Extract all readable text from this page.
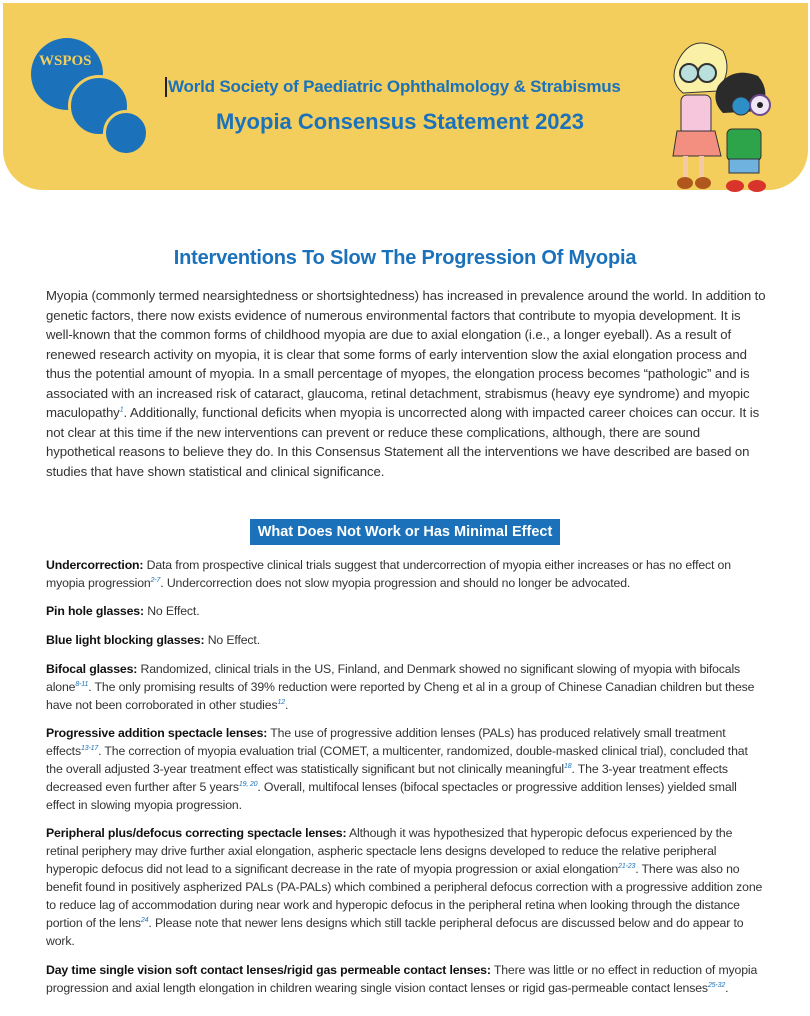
WSPOS
World Society of Paediatric Ophthalmology & Strabismus
Myopia Consensus Statement 2023
Interventions To Slow The Progression Of Myopia

Myopia (commonly termed nearsightedness or shortsightedness) has increased in prevalence around the world. In addition to genetic factors, there now exists evidence of numerous environmental factors that contribute to myopia development. It is well-known that the common forms of childhood myopia are due to axial elongation (i.e., a longer eyeball). As a result of renewed research activity on myopia, it is clear that some forms of early intervention slow the axial elongation process and thus the potential amount of myopia. In a small percentage of myopes, the elongation process becomes “pathologic” and is associated with an increased risk of cataract, glaucoma, retinal detachment, strabismus (heavy eye syndrome) and myopic maculopathy$^1$. Additionally, functional deficits when myopia is uncorrected along with impacted career choices can occur. It is not clear at this time if the new interventions can prevent or reduce these complications, although, there are sound hypothetical reasons to believe they do. In this Consensus Statement all the interventions we have described are based on studies that have shown statistical and clinical significance.

What Does Not Work or Has Minimal Effect

Undercorrection: Data from prospective clinical trials suggest that undercorrection of myopia either increases or has no effect on myopia progression$^{2-7}$. Undercorrection does not slow myopia progression and should no longer be advocated.

Pin hole glasses: No Effect.

Blue light blocking glasses: No Effect.

Bifocal glasses: Randomized, clinical trials in the US, Finland, and Denmark showed no significant slowing of myopia with bifocals alone$^{8-11}$. The only promising results of 39% reduction were reported by Cheng et al in a group of Chinese Canadian children but these have not been corroborated in other studies$^{12}$.

Progressive addition spectacle lenses: The use of progressive addition lenses (PALs) has produced relatively small treatment effects$^{13-17}$. The correction of myopia evaluation trial (COMET, a multicenter, randomized, double-masked clinical trial), concluded that the overall adjusted 3-year treatment effect was statistically significant but not clinically meaningful$^{18}$. The 3-year treatment effects decreased even further after 5 years$^{19, 20}$. Overall, multifocal lenses (bifocal spectacles or progressive addition lenses) yielded small effect in slowing myopia progression.

Peripheral plus/defocus correcting spectacle lenses: Although it was hypothesized that hyperopic defocus experienced by the retinal periphery may drive further axial elongation, aspheric spectacle lens designs developed to reduce the relative peripheral hyperopic defocus did not lead to a significant decrease in the rate of myopia progression or axial elongation$^{21-23}$. There was also no benefit found in positively aspherized PALs (PA-PALs) which combined a peripheral defocus correction with a progressive addition zone to reduce lag of accommodation during near work and hyperopic defocus in the peripheral retina when looking through the distance portion of the lens$^{24}$. Please note that newer lens designs which still tackle peripheral defocus are discussed below and do appear to work.

Day time single vision soft contact lenses/rigid gas permeable contact lenses: There was little or no effect in reduction of myopia progression and axial length elongation in children wearing single vision contact lenses or rigid gas-permeable contact lenses$^{25-32}$.
